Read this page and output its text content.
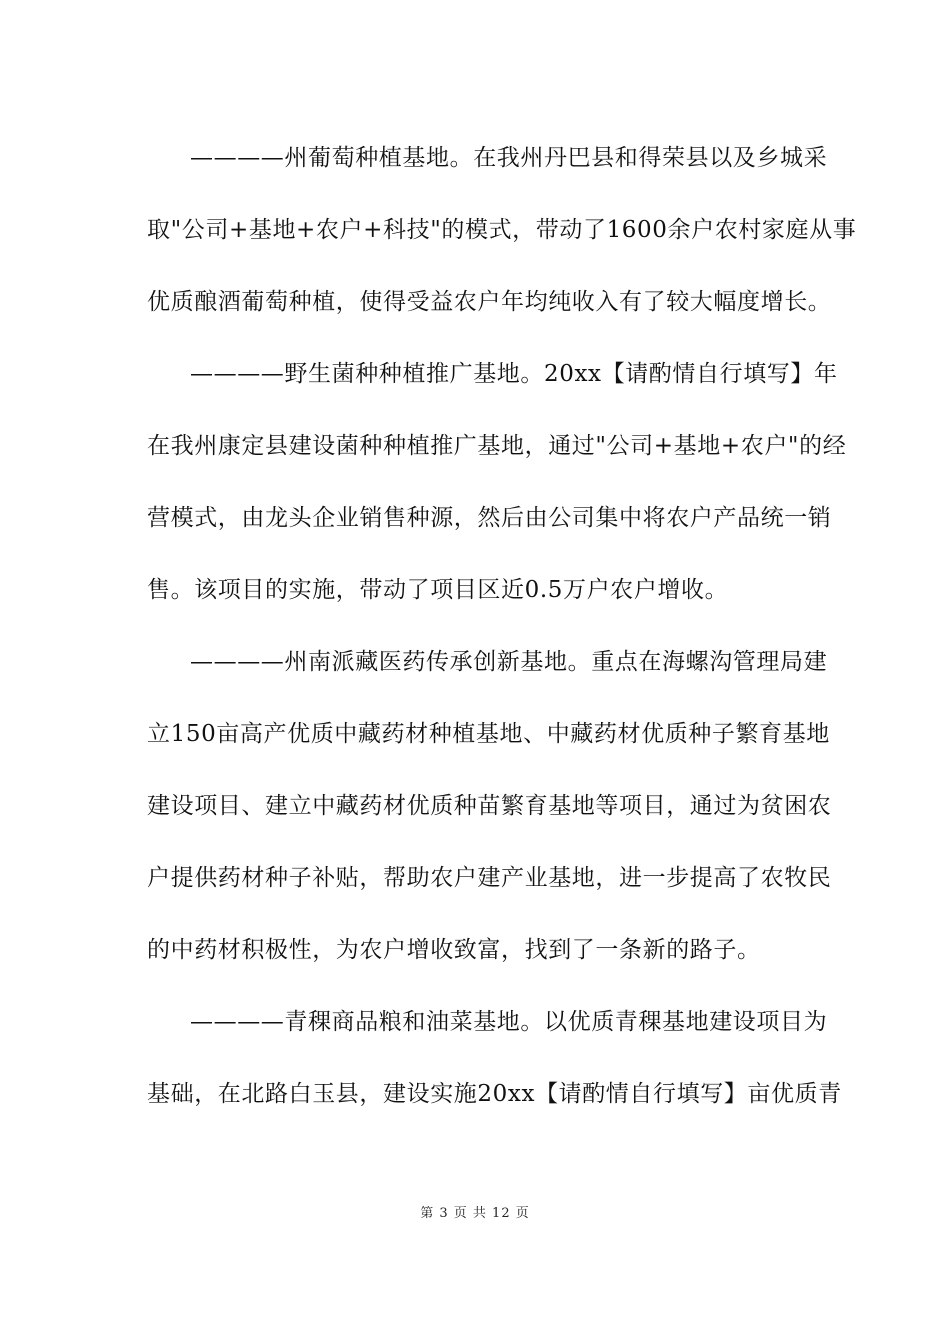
————州葡萄种植基地。在我州丹巴县和得荣县以及乡城采
取"公司+基地+农户+科技"的模式，带动了1600余户农村家庭从事
优质酿酒葡萄种植，使得受益农户年均纯收入有了较大幅度增长。
————野生菌种种植推广基地。20xx【请酌情自行填写】年
在我州康定县建设菌种种植推广基地，通过"公司+基地+农户"的经
营模式，由龙头企业销售种源，然后由公司集中将农户产品统一销
售。该项目的实施，带动了项目区近0.5万户农户增收。
————州南派藏医药传承创新基地。重点在海螺沟管理局建
立150亩高产优质中藏药材种植基地、中藏药材优质种子繁育基地
建设项目、建立中藏药材优质种苗繁育基地等项目，通过为贫困农
户提供药材种子补贴，帮助农户建产业基地，进一步提高了农牧民
的中药材积极性，为农户增收致富，找到了一条新的路子。
————青稞商品粮和油菜基地。以优质青稞基地建设项目为
基础，在北路白玉县，建设实施20xx【请酌情自行填写】亩优质青
第 3 页 共 12 页
